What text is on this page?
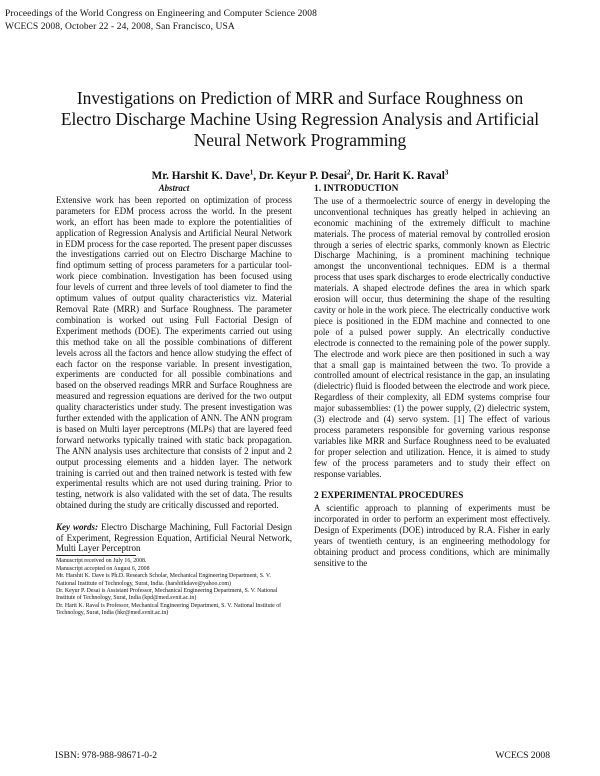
Proceedings of the World Congress on Engineering and Computer Science 2008
WCECS 2008, October 22 - 24, 2008, San Francisco, USA
Investigations on Prediction of MRR and Surface Roughness on Electro Discharge Machine Using Regression Analysis and Artificial Neural Network Programming
Mr. Harshit K. Dave$^1$, Dr. Keyur P. Desai$^2$, Dr. Harit K. Raval$^3$
Abstract

Extensive work has been reported on optimization of process parameters for EDM process across the world. In the present work, an effort has been made to explore the potentialities of application of Regression Analysis and Artificial Neural Network in EDM process for the case reported. The present paper discusses the investigations carried out on Electro Discharge Machine to find optimum setting of process parameters for a particular tool-work piece combination. Investigation has been focused using four levels of current and three levels of tool diameter to find the optimum values of output quality characteristics viz. Material Removal Rate (MRR) and Surface Roughness. The parameter combination is worked out using Full Factorial Design of Experiment methods (DOE). The experiments carried out using this method take on all the possible combinations of different levels across all the factors and hence allow studying the effect of each factor on the response variable. In present investigation, experiments are conducted for all possible combinations and based on the observed readings MRR and Surface Roughness are measured and regression equations are derived for the two output quality characteristics under study. The present investigation was further extended with the application of ANN. The ANN program is based on Multi layer perceptrons (MLPs) that are layered feed forward networks typically trained with static back propagation. The ANN analysis uses architecture that consists of 2 input and 2 output processing elements and a hidden layer. The network training is carried out and then trained network is tested with few experimental results which are not used during training. Prior to testing, network is also validated with the set of data. The results obtained during the study are critically discussed and reported.

Key words: Electro Discharge Machining, Full Factorial Design of Experiment, Regression Equation, Artificial Neural Network, Multi Layer Perceptron

Manuscript received on July 16, 2008.

Manuscript accepted on August 6, 2008

Mr. Harshit K. Dave is Ph.D. Research Scholar, Mechanical Engineering Department, S. V. National Institute of Technology, Surat, India. (harshitkdave@yahoo.com)

Dr. Keyur P. Desai is Assistant Professor, Mechanical Engineering Department, S. V. National Institute of Technology, Surat, India (kpd@med.svnit.ac.in)

Dr. Harit K. Raval is Professor, Mechanical Engineering Department, S. V. National Institute of Technology, Surat, India (hkr@med.svnit.ac.in)

1. INTRODUCTION

The use of a thermoelectric source of energy in developing the unconventional techniques has greatly helped in achieving an economic machining of the extremely difficult to machine materials. The process of material removal by controlled erosion through a series of electric sparks, commonly known as Electric Discharge Machining, is a prominent machining technique amongst the unconventional techniques. EDM is a thermal process that uses spark discharges to erode electrically conductive materials. A shaped electrode defines the area in which spark erosion will occur, thus determining the shape of the resulting cavity or hole in the work piece. The electrically conductive work piece is positioned in the EDM machine and connected to one pole of a pulsed power supply. An electrically conductive electrode is connected to the remaining pole of the power supply. The electrode and work piece are then positioned in such a way that a small gap is maintained between the two. To provide a controlled amount of electrical resistance in the gap, an insulating (dielectric) fluid is flooded between the electrode and work piece. Regardless of their complexity, all EDM systems comprise four major subassemblies: (1) the power supply, (2) dielectric system, (3) electrode and (4) servo system. [1] The effect of various process parameters responsible for governing various response variables like MRR and Surface Roughness need to be evaluated for proper selection and utilization. Hence, it is aimed to study few of the process parameters and to study their effect on response variables.

2 EXPERIMENTAL PROCEDURES

A scientific approach to planning of experiments must be incorporated in order to perform an experiment most effectively. Design of Experiments (DOE) introduced by R.A. Fisher in early years of twentieth century, is an engineering methodology for obtaining product and process conditions, which are minimally sensitive to the

ISBN: 978-988-98671-0-2	WCECS 2008
